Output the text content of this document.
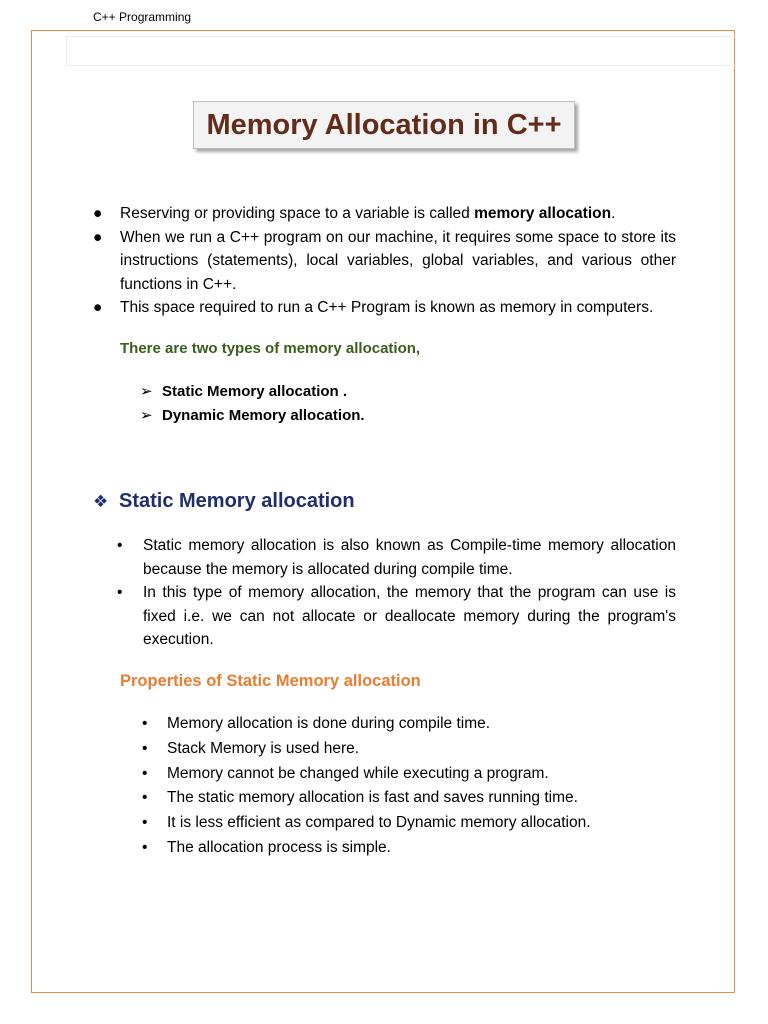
C++ Programming
Memory Allocation in C++
● Reserving or providing space to a variable is called memory allocation.
● When we run a C++ program on our machine, it requires some space to store its instructions (statements), local variables, global variables, and various other functions in C++.
● This space required to run a C++ Program is known as memory in computers.
There are two types of memory allocation,
➢ Static Memory allocation .
➢ Dynamic Memory allocation.
❖ Static Memory allocation
• Static memory allocation is also known as Compile-time memory allocation because the memory is allocated during compile time.
• In this type of memory allocation, the memory that the program can use is fixed i.e. we can not allocate or deallocate memory during the program's execution.
Properties of Static Memory allocation
• Memory allocation is done during compile time.
• Stack Memory is used here.
• Memory cannot be changed while executing a program.
• The static memory allocation is fast and saves running time.
• It is less efficient as compared to Dynamic memory allocation.
• The allocation process is simple.
